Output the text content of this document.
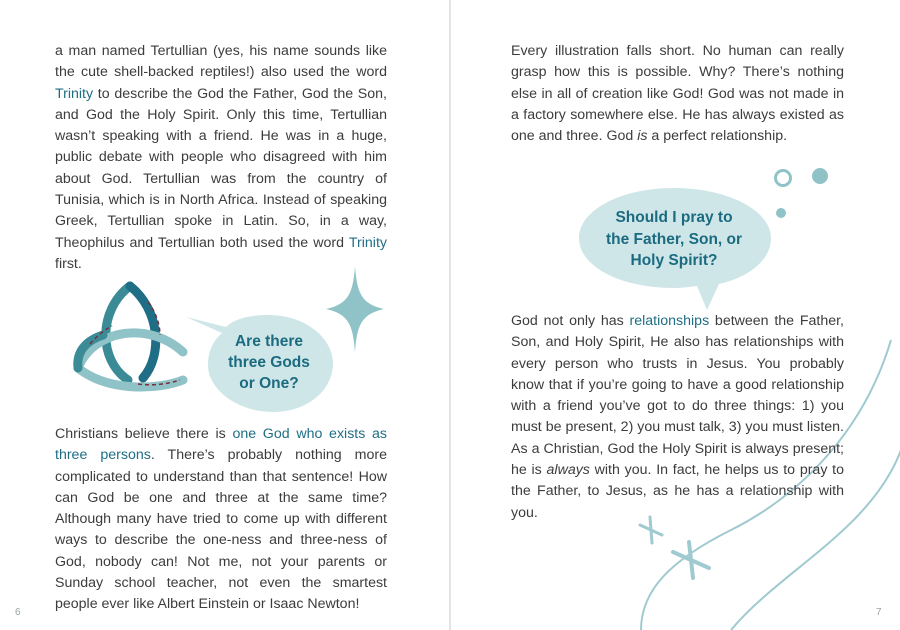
a man named Tertullian (yes, his name sounds like the cute shell-backed reptiles!) also used the word Trinity to describe the God the Father, God the Son, and God the Holy Spirit. Only this time, Tertullian wasn’t speaking with a friend. He was in a huge, public debate with people who disagreed with him about God. Tertullian was from the country of Tunisia, which is in North Africa. Instead of speaking Greek, Tertullian spoke in Latin. So, in a way, Theophilus and Tertullian both used the word Trinity first.

Are there
three Gods
or One?

Christians believe there is one God who exists as three persons. There’s probably nothing more complicated to understand than that sentence! How can God be one and three at the same time? Although many have tried to come up with different ways to describe the one-ness and three-ness of God, nobody can! Not me, not your parents or Sunday school teacher, not even the smartest people ever like Albert Einstein or Isaac Newton!

6

Every illustration falls short. No human can really grasp how this is possible. Why? There’s nothing else in all of creation like God! God was not made in a factory somewhere else. He has always existed as one and three. God is a perfect relationship.

Should I pray to
the Father, Son, or
Holy Spirit?

God not only has relationships between the Father, Son, and Holy Spirit, He also has relationships with every person who trusts in Jesus. You probably know that if you’re going to have a good relationship with a friend you’ve got to do three things: 1) you must be present, 2) you must talk, 3) you must listen. As a Christian, God the Holy Spirit is always present; he is always with you. In fact, he helps us to pray to the Father, to Jesus, as he has a relationship with you.

7
